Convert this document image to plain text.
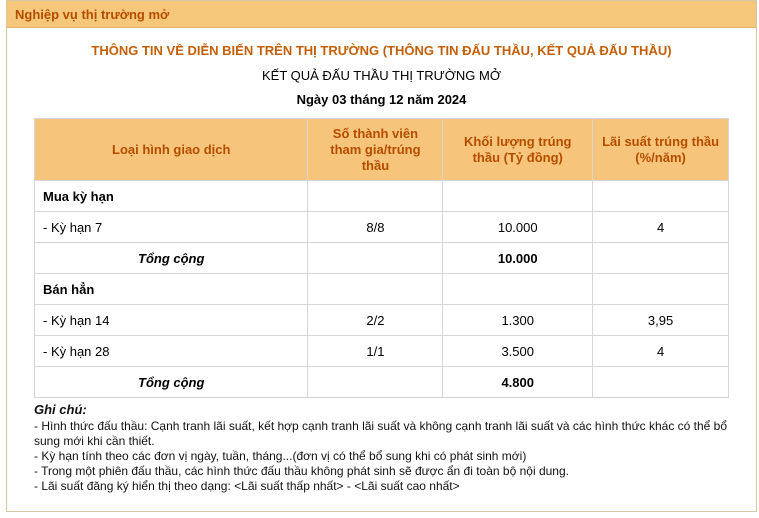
Nghiệp vụ thị trường mở
THÔNG TIN VỀ DIỄN BIẾN TRÊN THỊ TRƯỜNG (THÔNG TIN ĐẤU THẦU, KẾT QUẢ ĐẤU THẦU)
KẾT QUẢ ĐẤU THẦU THỊ TRƯỜNG MỞ
Ngày 03 tháng 12 năm 2024
Loại hình giao dịch	Số thành viên tham gia/trúng thầu	Khối lượng trúng thầu (Tỷ đồng)	Lãi suất trúng thầu (%/năm)
Mua kỳ hạn			
- Kỳ hạn 7	8/8	10.000	4
Tổng cộng		10.000	
Bán hẳn			
- Kỳ hạn 14	2/2	1.300	3,95
- Kỳ hạn 28	1/1	3.500	4
Tổng cộng		4.800	
Ghi chú:
- Hình thức đấu thầu: Cạnh tranh lãi suất, kết hợp cạnh tranh lãi suất và không cạnh tranh lãi suất và các hình thức khác có thể bổ sung mới khi cần thiết.
- Kỳ hạn tính theo các đơn vị ngày, tuần, tháng...(đơn vị có thể bổ sung khi có phát sinh mới)
- Trong một phiên đấu thầu, các hình thức đấu thầu không phát sinh sẽ được ẩn đi toàn bộ nội dung.
- Lãi suất đăng ký hiển thị theo dạng: <Lãi suất thấp nhất> - <Lãi suất cao nhất>
